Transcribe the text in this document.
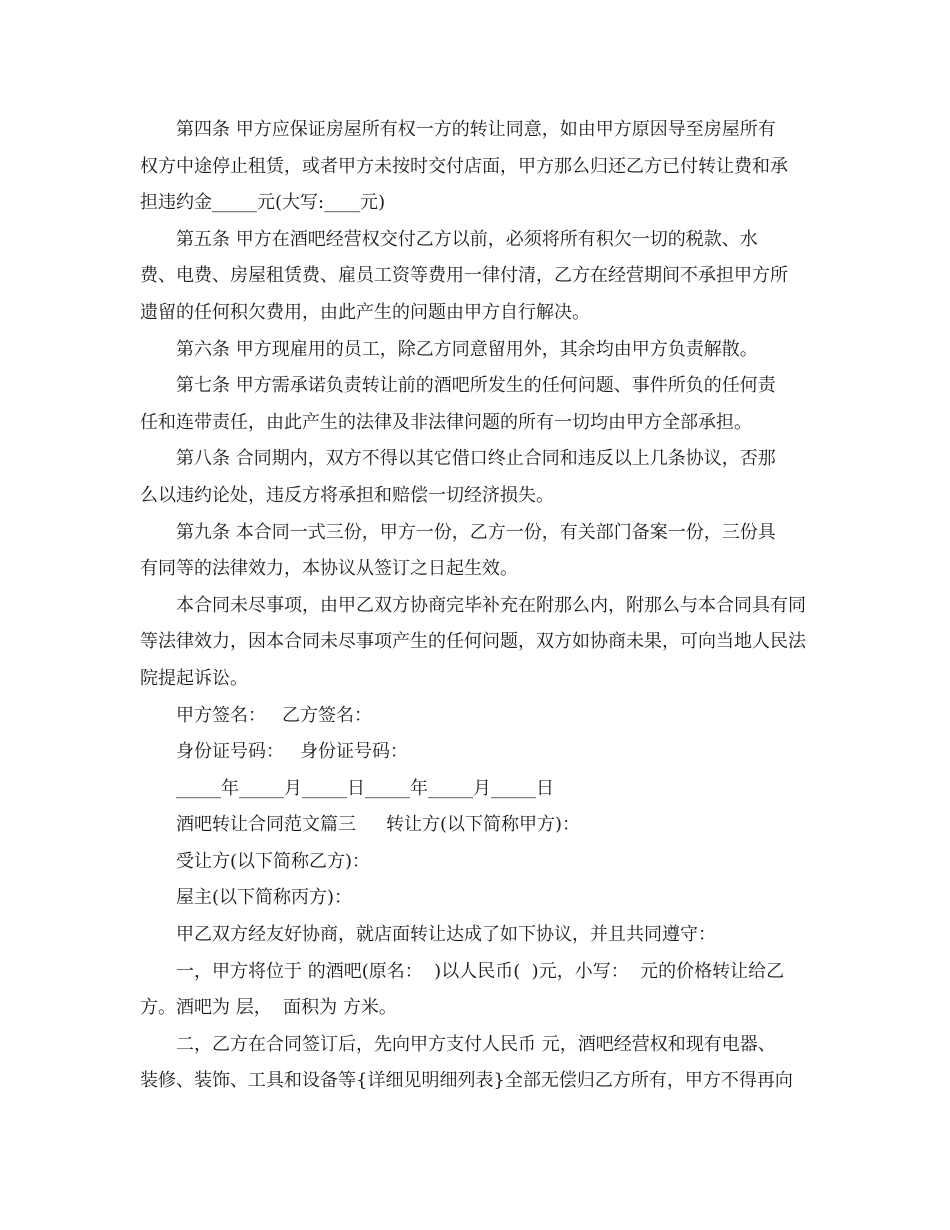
第四条 甲方应保证房屋所有权一方的转让同意，如由甲方原因导至房屋所有
权方中途停止租赁，或者甲方未按时交付店面，甲方那么归还乙方已付转让费和承
担违约金_____元(大写:____元)
第五条 甲方在酒吧经营权交付乙方以前，必须将所有积欠一切的税款、水
费、电费、房屋租赁费、雇员工资等费用一律付清，乙方在经营期间不承担甲方所
遗留的任何积欠费用，由此产生的问题由甲方自行解决。
第六条 甲方现雇用的员工，除乙方同意留用外，其余均由甲方负责解散。
第七条 甲方需承诺负责转让前的酒吧所发生的任何问题、事件所负的任何责
任和连带责任，由此产生的法律及非法律问题的所有一切均由甲方全部承担。
第八条 合同期内，双方不得以其它借口终止合同和违反以上几条协议，否那
么以违约论处，违反方将承担和赔偿一切经济损失。
第九条 本合同一式三份，甲方一份，乙方一份，有关部门备案一份，三份具
有同等的法律效力，本协议从签订之日起生效。
本合同未尽事项，由甲乙双方协商完毕补充在附那么内，附那么与本合同具有同
等法律效力，因本合同未尽事项产生的任何问题，双方如协商未果，可向当地人民法
院提起诉讼。
甲方签名： 乙方签名：
身份证号码： 身份证号码：
_____年_____月_____日_____年_____月_____日
酒吧转让合同范文篇三 转让方(以下简称甲方)：
受让方(以下简称乙方)：
屋主(以下简称丙方)：
甲乙双方经友好协商，就店面转让达成了如下协议，并且共同遵守：
一，甲方将位于 的酒吧(原名：  )以人民币(  )元，小写：  元的价格转让给乙
方。酒吧为 层，  面积为 方米。
二，乙方在合同签订后，先向甲方支付人民币 元，酒吧经营权和现有电器、
装修、装饰、工具和设备等{详细见明细列表}全部无偿归乙方所有，甲方不得再向
